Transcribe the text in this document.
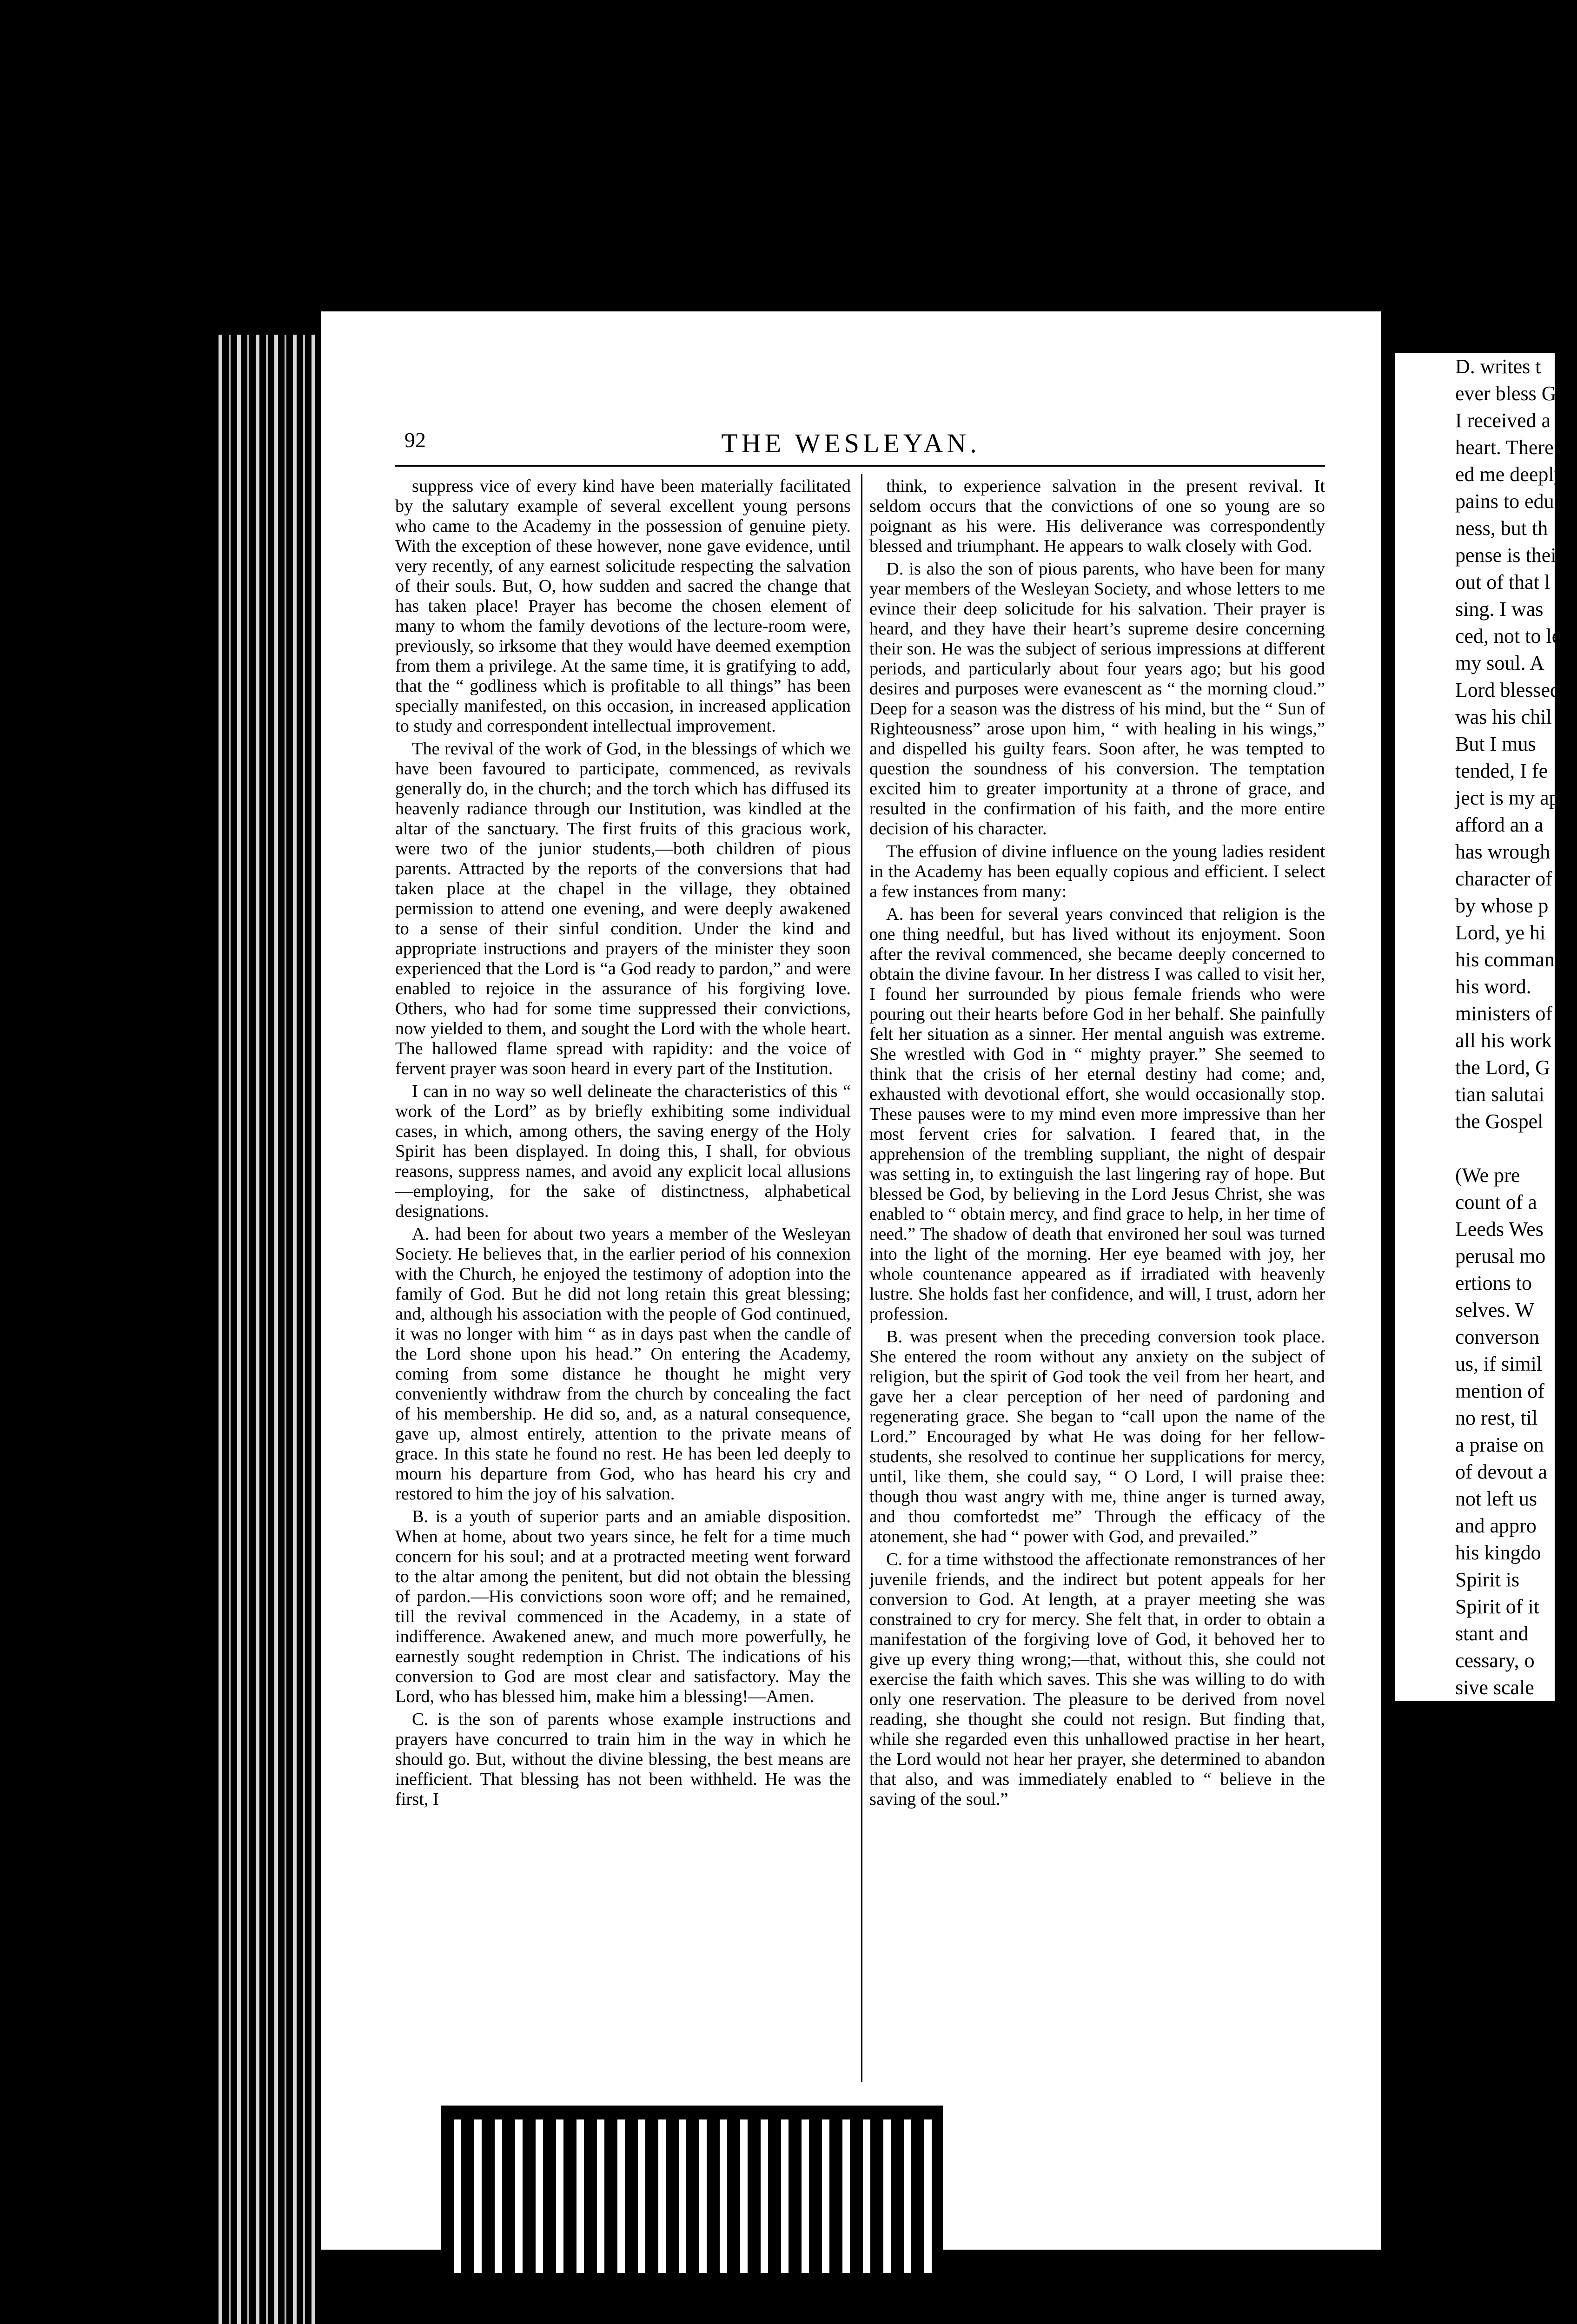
92	THE WESLEYAN.

suppress vice of every kind have been materially facilitated by the salutary example of several excellent young persons who came to the Academy in the possession of genuine piety. With the exception of these however, none gave evidence, until very recently, of any earnest solicitude respecting the salvation of their souls. But, O, how sudden and sacred the change that has taken place! Prayer has become the chosen element of many to whom the family devotions of the lecture-room were, previously, so irksome that they would have deemed exemption from them a privilege. At the same time, it is gratifying to add, that the “ godliness which is profitable to all things” has been specially manifested, on this occasion, in increased application to study and correspondent intellectual improvement.

The revival of the work of God, in the blessings of which we have been favoured to participate, commenced, as revivals generally do, in the church; and the torch which has diffused its heavenly radiance through our Institution, was kindled at the altar of the sanctuary. The first fruits of this gracious work, were two of the junior students,—both children of pious parents. Attracted by the reports of the conversions that had taken place at the chapel in the village, they obtained permission to attend one evening, and were deeply awakened to a sense of their sinful condition. Under the kind and appropriate instructions and prayers of the minister they soon experienced that the Lord is “a God ready to pardon,” and were enabled to rejoice in the assurance of his forgiving love. Others, who had for some time suppressed their convictions, now yielded to them, and sought the Lord with the whole heart. The hallowed flame spread with rapidity: and the voice of fervent prayer was soon heard in every part of the Institution.

I can in no way so well delineate the characteristics of this “ work of the Lord” as by briefly exhibiting some individual cases, in which, among others, the saving energy of the Holy Spirit has been displayed. In doing this, I shall, for obvious reasons, suppress names, and avoid any explicit local allusions—employing, for the sake of distinctness, alphabetical designations.

A. had been for about two years a member of the Wesleyan Society. He believes that, in the earlier period of his connexion with the Church, he enjoyed the testimony of adoption into the family of God. But he did not long retain this great blessing; and, although his association with the people of God continued, it was no longer with him “ as in days past when the candle of the Lord shone upon his head.” On entering the Academy, coming from some distance he thought he might very conveniently withdraw from the church by concealing the fact of his membership. He did so, and, as a natural consequence, gave up, almost entirely, attention to the private means of grace. In this state he found no rest. He has been led deeply to mourn his departure from God, who has heard his cry and restored to him the joy of his salvation.

B. is a youth of superior parts and an amiable disposition. When at home, about two years since, he felt for a time much concern for his soul; and at a protracted meeting went forward to the altar among the penitent, but did not obtain the blessing of pardon.—His convictions soon wore off; and he remained, till the revival commenced in the Academy, in a state of indifference. Awakened anew, and much more powerfully, he earnestly sought redemption in Christ. The indications of his conversion to God are most clear and satisfactory. May the Lord, who has blessed him, make him a blessing!—Amen.

C. is the son of parents whose example instructions and prayers have concurred to train him in the way in which he should go. But, without the divine blessing, the best means are inefficient. That blessing has not been withheld. He was the first, I

think, to experience salvation in the present revival. It seldom occurs that the convictions of one so young are so poignant as his were. His deliverance was correspondently blessed and triumphant. He appears to walk closely with God.

D. is also the son of pious parents, who have been for many year members of the Wesleyan Society, and whose letters to me evince their deep solicitude for his salvation. Their prayer is heard, and they have their heart’s supreme desire concerning their son. He was the subject of serious impressions at different periods, and particularly about four years ago; but his good desires and purposes were evanescent as “ the morning cloud.” Deep for a season was the distress of his mind, but the “ Sun of Righteousness” arose upon him, “ with healing in his wings,” and dispelled his guilty fears. Soon after, he was tempted to question the soundness of his conversion. The temptation excited him to greater importunity at a throne of grace, and resulted in the confirmation of his faith, and the more entire decision of his character.

The effusion of divine influence on the young ladies resident in the Academy has been equally copious and efficient. I select a few instances from many:

A. has been for several years convinced that religion is the one thing needful, but has lived without its enjoyment. Soon after the revival commenced, she became deeply concerned to obtain the divine favour. In her distress I was called to visit her, I found her surrounded by pious female friends who were pouring out their hearts before God in her behalf. She painfully felt her situation as a sinner. Her mental anguish was extreme. She wrestled with God in “ mighty prayer.” She seemed to think that the crisis of her eternal destiny had come; and, exhausted with devotional effort, she would occasionally stop. These pauses were to my mind even more impressive than her most fervent cries for salvation. I feared that, in the apprehension of the trembling suppliant, the night of despair was setting in, to extinguish the last lingering ray of hope. But blessed be God, by believing in the Lord Jesus Christ, she was enabled to “ obtain mercy, and find grace to help, in her time of need.” The shadow of death that environed her soul was turned into the light of the morning. Her eye beamed with joy, her whole countenance appeared as if irradiated with heavenly lustre. She holds fast her confidence, and will, I trust, adorn her profession.

B. was present when the preceding conversion took place. She entered the room without any anxiety on the subject of religion, but the spirit of God took the veil from her heart, and gave her a clear perception of her need of pardoning and regenerating grace. She began to “call upon the name of the Lord.” Encouraged by what He was doing for her fellow-students, she resolved to continue her supplications for mercy, until, like them, she could say, “ O Lord, I will praise thee: though thou wast angry with me, thine anger is turned away, and thou comfortedst me” Through the efficacy of the atonement, she had “ power with God, and prevailed.”

C. for a time withstood the affectionate remonstrances of her juvenile friends, and the indirect but potent appeals for her conversion to God. At length, at a prayer meeting she was constrained to cry for mercy. She felt that, in order to obtain a manifestation of the forgiving love of God, it behoved her to give up every thing wrong;—that, without this, she could not exercise the faith which saves. This she was willing to do with only one reservation. The pleasure to be derived from novel reading, she thought she could not resign. But finding that, while she regarded even this unhallowed practise in her heart, the Lord would not hear her prayer, she determined to abandon that also, and was immediately enabled to “ believe in the saving of the soul.”

D. writes t
ever bless God
I received a l
heart. There
ed me deeply.
pains to educ
ness, but th
pense is their
out of that l
sing. I was
ced, not to le
my soul. A
Lord blessed
was his chil
But I mus
tended, I fe
ject is my ap
afford an a
has wrough
character of
by whose p
Lord, ye hi
his comman
his word.
ministers of
all his work
the Lord, G
tian salutai
the Gospel

(We pre
count of a
Leeds Wes
perusal mo
ertions to
selves. W
converson
us, if simil
mention of
no rest, til
a praise on
of devout a
not left us
and appro
his kingdo
Spirit is
Spirit of it
stant and
cessary, o
sive scale
our faith
our ener
of God'
Ed. Wes
Leeds
dinary ch
give the
friend,—
“ Prev
appeared
point of
cession o
there we
ficiency
te of wh
two circ
within a
ble num
sons ren
reasons,
the qua
circuit v
